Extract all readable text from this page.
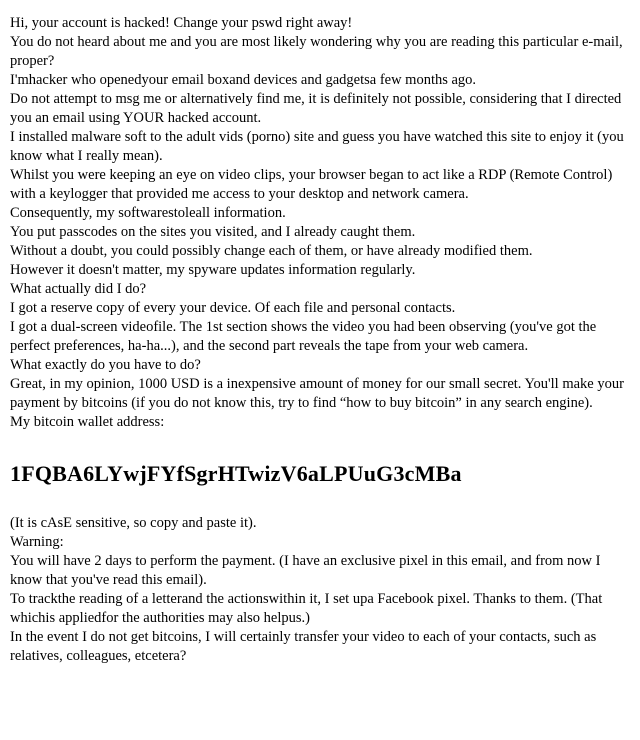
Hi, your account is hacked! Change your pswd right away!

You do not heard about me and you are most likely wondering why you are reading this particular e-mail, proper?

I'mhacker who openedyour email boxand devices and gadgetsa few months ago.

Do not attempt to msg me or alternatively find me, it is definitely not possible, considering that I directed you an email using YOUR hacked account.

I installed malware soft to the adult vids (porno) site and guess you have watched this site to enjoy it (you know what I really mean).

Whilst you were keeping an eye on video clips, your browser began to act like a RDP (Remote Control) with a keylogger that provided me access to your desktop and network camera.

Consequently, my softwarestoleall information.

You put passcodes on the sites you visited, and I already caught them.

Without a doubt, you could possibly change each of them, or have already modified them.

However it doesn't matter, my spyware updates information regularly.

What actually did I do?

I got a reserve copy of every your device. Of each file and personal contacts.

I got a dual-screen videofile. The 1st section shows the video you had been observing (you've got the perfect preferences, ha-ha...), and the second part reveals the tape from your web camera.

What exactly do you have to do?

Great, in my opinion, 1000 USD is a inexpensive amount of money for our small secret. You'll make your payment by bitcoins (if you do not know this, try to find “how to buy bitcoin” in any search engine).

My bitcoin wallet address:

1FQBA6LYwjFYfSgrHTwizV6aLPUuG3cMBa

(It is cAsE sensitive, so copy and paste it).

Warning:

You will have 2 days to perform the payment. (I have an exclusive pixel in this email, and from now I know that you've read this email).

To trackthe reading of a letterand the actionswithin it, I set upa Facebook pixel. Thanks to them. (That whichis appliedfor the authorities may also helpus.)

In the event I do not get bitcoins, I will certainly transfer your video to each of your contacts, such as relatives, colleagues, etcetera?
